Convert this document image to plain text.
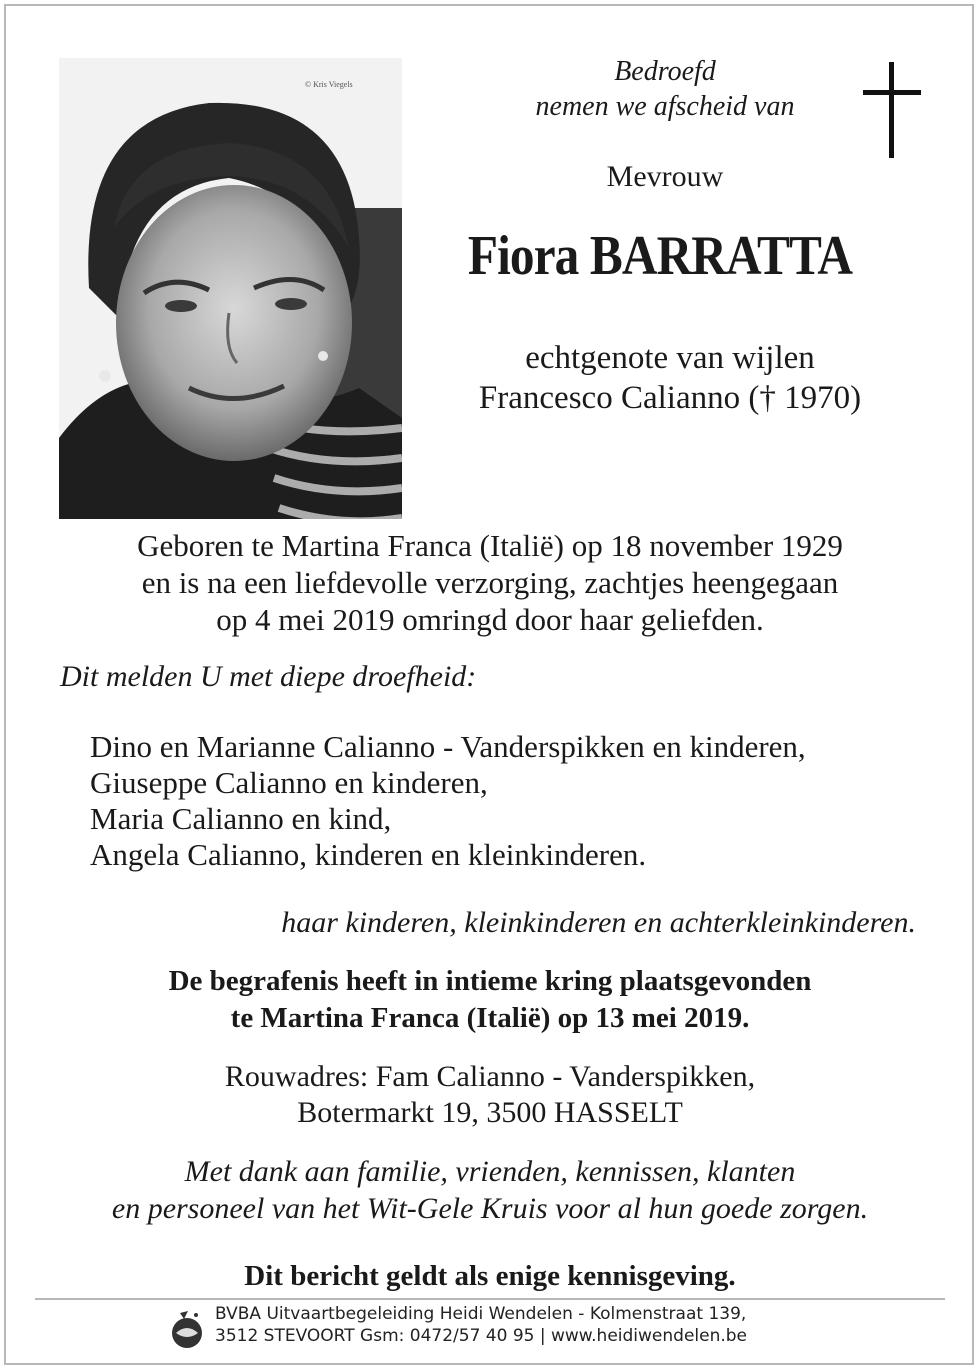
© Kris Viegels	Bedroefd
nemen we afscheid van
Mevrouw
Fiora BARRATTA
echtgenote van wijlen
Francesco Calianno († 1970)
Geboren te Martina Franca (Italië) op 18 november 1929
en is na een liefdevolle verzorging, zachtjes heengegaan
op 4 mei 2019 omringd door haar geliefden.
Dit melden U met diepe droefheid:
Dino en Marianne Calianno - Vanderspikken en kinderen,
Giuseppe Calianno en kinderen,
Maria Calianno en kind,
Angela Calianno, kinderen en kleinkinderen.
haar kinderen, kleinkinderen en achterkleinkinderen.
De begrafenis heeft in intieme kring plaatsgevonden
te Martina Franca (Italië) op 13 mei 2019.
Rouwadres: Fam Calianno - Vanderspikken,
Botermarkt 19, 3500 HASSELT
Met dank aan familie, vrienden, kennissen, klanten
en personeel van het Wit-Gele Kruis voor al hun goede zorgen.
Dit bericht geldt als enige kennisgeving.
BVBA Uitvaartbegeleiding Heidi Wendelen - Kolmenstraat 139,
3512 STEVOORT Gsm: 0472/57 40 95 | www.heidiwendelen.be
